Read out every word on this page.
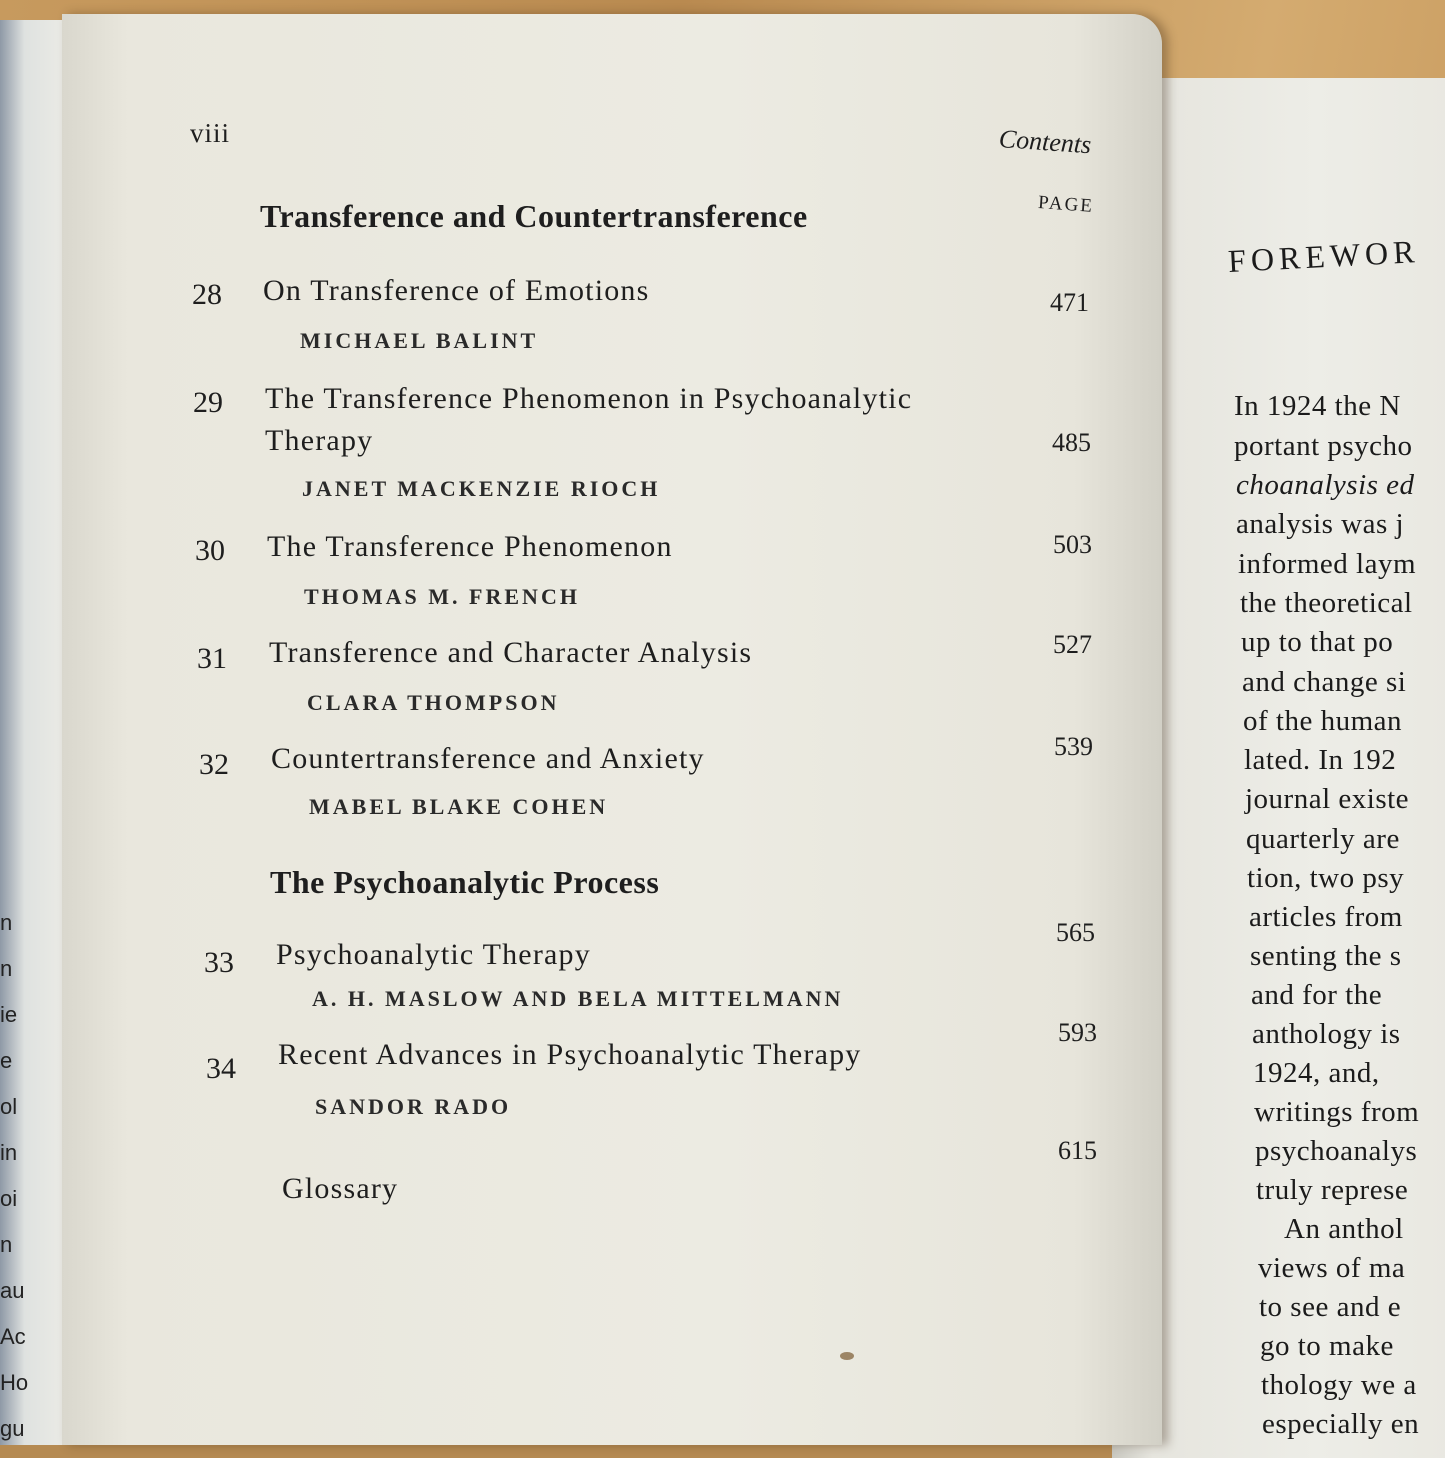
n
n
ie
e
ol
in
oi
n
au
Ac
Ho
gu
FOREWOR
In 1924 the N
portant psycho
choanalysis ed
analysis was j
informed laym
the theoretical
up to that po
and change si
of the human
lated. In 192
journal existe
quarterly are
tion, two psy
articles from
senting the s
and for the
anthology is
1924, and,
writings from
psychoanalys
truly represe
An anthol
views of ma
to see and e
go to make
thology we a
especially en
viii	Contents
PAGE
Transference and Countertransference
28 On Transference of Emotions
MICHAEL BALINT
471
29 The Transference Phenomenon in Psychoanalytic
Therapy
JANET MACKENZIE RIOCH
485
30 The Transference Phenomenon
THOMAS M. FRENCH
503
31 Transference and Character Analysis
CLARA THOMPSON
527
32 Countertransference and Anxiety
MABEL BLAKE COHEN
539
The Psychoanalytic Process
33 Psychoanalytic Therapy
A. H. MASLOW AND BELA MITTELMANN
565
34 Recent Advances in Psychoanalytic Therapy
SANDOR RADO
593
Glossary
615
